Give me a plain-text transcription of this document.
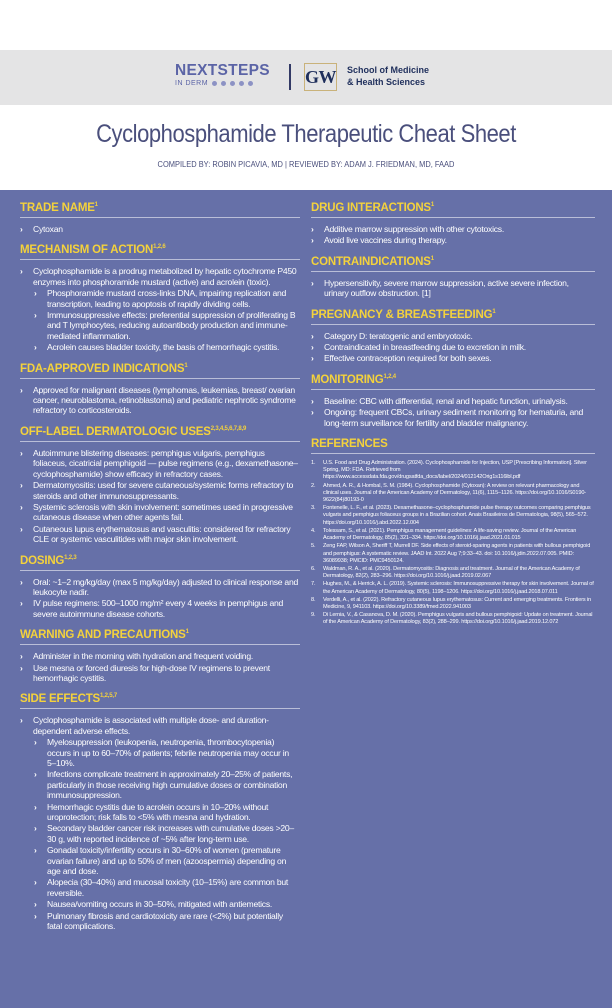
NEXTSTEPS
IN DERM	GW School of Medicine
& Health Sciences
Cyclophosphamide Therapeutic Cheat Sheet
COMPILED BY: ROBIN PICAVIA, MD | REVIEWED BY: ADAM J. FRIEDMAN, MD, FAAD
TRADE NAME$^1$
›	Cytoxan
MECHANISM OF ACTION$^{1,2,6}$
›	Cyclophosphamide is a prodrug metabolized by hepatic cytochrome P450 enzymes into phosphoramide mustard (active) and acrolein (toxic).
›	Phosphoramide mustard cross-links DNA, impairing replication and transcription, leading to apoptosis of rapidly dividing cells.
›	Immunosuppressive effects: preferential suppression of proliferating B and T lymphocytes, reducing autoantibody production and immune-mediated inflammation.
›	Acrolein causes bladder toxicity, the basis of hemorrhagic cystitis.
FDA-APPROVED INDICATIONS$^1$
›	Approved for malignant diseases (lymphomas, leukemias, breast/ ovarian cancer, neuroblastoma, retinoblastoma) and pediatric nephrotic syndrome refractory to corticosteroids.
OFF-LABEL DERMATOLOGIC USES$^{2,3,4,5,6,7,8,9}$
›	Autoimmune blistering diseases: pemphigus vulgaris, pemphigus foliaceus, cicatricial pemphigoid — pulse regimens (e.g., dexamethasone–cyclophosphamide) show efficacy in refractory cases.
›	Dermatomyositis: used for severe cutaneous/systemic forms refractory to steroids and other immunosuppressants.
›	Systemic sclerosis with skin involvement: sometimes used in progressive cutaneous disease when other agents fail.
›	Cutaneous lupus erythematosus and vasculitis: considered for refractory CLE or systemic vasculitides with major skin involvement.
DOSING$^{1,2,3}$
›	Oral: ~1–2 mg/kg/day (max 5 mg/kg/day) adjusted to clinical response and leukocyte nadir.
›	IV pulse regimens: 500–1000 mg/m² every 4 weeks in pemphigus and severe autoimmune disease cohorts.
WARNING AND PRECAUTIONS$^1$
›	Administer in the morning with hydration and frequent voiding.
›	Use mesna or forced diuresis for high-dose IV regimens to prevent hemorrhagic cystitis.
SIDE EFFECTS$^{1,2,5,7}$
›	Cyclophosphamide is associated with multiple dose- and duration-dependent adverse effects.
›	Myelosuppression (leukopenia, neutropenia, thrombocytopenia) occurs in up to 60–70% of patients; febrile neutropenia may occur in 5–10%.
›	Infections complicate treatment in approximately 20–25% of patients, particularly in those receiving high cumulative doses or combination immunosuppression.
›	Hemorrhagic cystitis due to acrolein occurs in 10–20% without uroprotection; risk falls to <5% with mesna and hydration.
›	Secondary bladder cancer risk increases with cumulative doses >20–30 g, with reported incidence of ~5% after long-term use.
›	Gonadal toxicity/infertility occurs in 30–60% of women (premature ovarian failure) and up to 50% of men (azoospermia) depending on age and dose.
›	Alopecia (30–40%) and mucosal toxicity (10–15%) are common but reversible.
›	Nausea/vomiting occurs in 30–50%, mitigated with antiemetics.
›	Pulmonary fibrosis and cardiotoxicity are rare (<2%) but potentially fatal complications.
DRUG INTERACTIONS$^1$
›	Additive marrow suppression with other cytotoxics.
›	Avoid live vaccines during therapy.
CONTRAINDICATIONS$^1$
›	Hypersensitivity, severe marrow suppression, active severe infection, urinary outflow obstruction. [1]
PREGNANCY & BREASTFEEDING$^1$
›	Category D: teratogenic and embryotoxic.
›	Contraindicated in breastfeeding due to excretion in milk.
›	Effective contraception required for both sexes.
MONITORING$^{1,2,4}$
›	Baseline: CBC with differential, renal and hepatic function, urinalysis.
›	Ongoing: frequent CBCs, urinary sediment monitoring for hematuria, and long-term surveillance for fertility and bladder malignancy.
REFERENCES
1.	U.S. Food and Drug Administration. (2024). Cyclophosphamide for Injection, USP [Prescribing Information]. Silver Spring, MD: FDA. Retrieved from https://www.accessdata.fda.gov/drugsatfda_docs/label/2024/012142Orig1s116lbl.pdf
2.	Ahmed, A. R., & Hombal, S. M. (1984). Cyclophosphamide (Cytoxan): A review on relevant pharmacology and clinical uses. Journal of the American Academy of Dermatology, 11(6), 1115–1126. https://doi.org/10.1016/S0190-9622(84)80193-0
3.	Fontenelle, L. F., et al. (2023). Dexamethasone–cyclophosphamide pulse therapy outcomes comparing pemphigus vulgaris and pemphigus foliaceus groups in a Brazilian cohort. Anais Brasileiros de Dermatologia, 98(5), 565–572. https://doi.org/10.1016/j.abd.2022.12.004
4.	Tolessam, S., et al. (2021). Pemphigus management guidelines: A life-saving review. Journal of the American Academy of Dermatology, 85(2), 321–334. https://doi.org/10.1016/j.jaad.2021.01.015
5.	Zeng FAP, Wilson A, Sheriff T, Murrell DF. Side effects of steroid-sparing agents in patients with bullous pemphigoid and pemphigus: A systematic review. JAAD Int. 2022 Aug 7;9:33–43. doi: 10.1016/j.jdin.2022.07.005. PMID: 36089938; PMCID: PMC9450124.
6.	Waldman, R. A., et al. (2020). Dermatomyositis: Diagnosis and treatment. Journal of the American Academy of Dermatology, 82(2), 283–296. https://doi.org/10.1016/j.jaad.2019.02.067
7.	Hughes, M., & Herrick, A. L. (2019). Systemic sclerosis: Immunosuppressive therapy for skin involvement. Journal of the American Academy of Dermatology, 80(5), 1198–1206. https://doi.org/10.1016/j.jaad.2018.07.011
8.	Verdelli, A., et al. (2022). Refractory cutaneous lupus erythematosus: Current and emerging treatments. Frontiers in Medicine, 9, 941103. https://doi.org/10.3389/fmed.2022.941003
9.	Di Lernia, V., & Casanova, D. M. (2020). Pemphigus vulgaris and bullous pemphigoid: Update on treatment. Journal of the American Academy of Dermatology, 83(2), 288–299. https://doi.org/10.1016/j.jaad.2019.12.072
